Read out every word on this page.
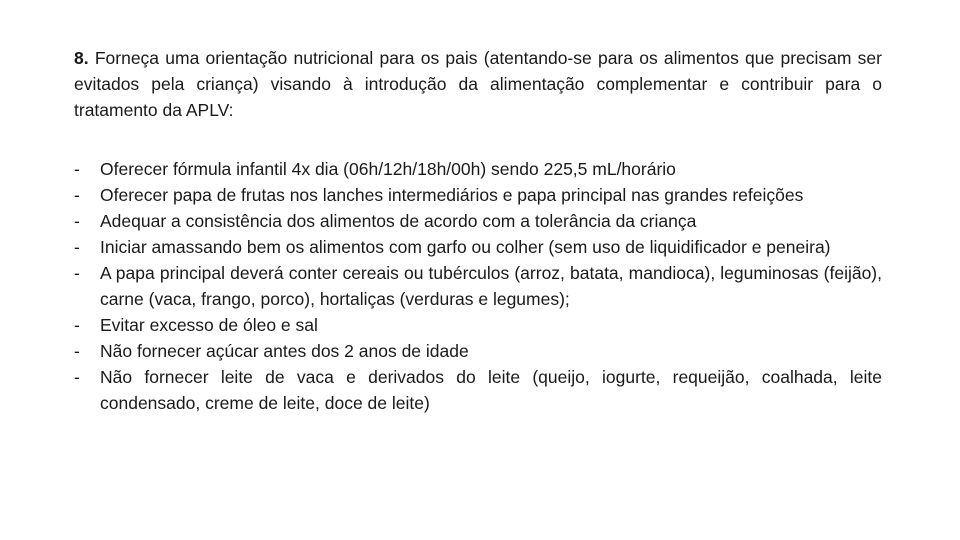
8. Forneça uma orientação nutricional para os pais (atentando-se para os alimentos que precisam ser evitados pela criança) visando à introdução da alimentação complementar e contribuir para o tratamento da APLV:

-	Oferecer fórmula infantil 4x dia (06h/12h/18h/00h) sendo 225,5 mL/horário
-	Oferecer papa de frutas nos lanches intermediários e papa principal nas grandes refeições
-	Adequar a consistência dos alimentos de acordo com a tolerância da criança
-	Iniciar amassando bem os alimentos com garfo ou colher (sem uso de liquidificador e peneira)
-	A papa principal deverá conter cereais ou tubérculos (arroz, batata, mandioca), leguminosas (feijão), carne (vaca, frango, porco), hortaliças (verduras e legumes);
-	Evitar excesso de óleo e sal
-	Não fornecer açúcar antes dos 2 anos de idade
-	Não fornecer leite de vaca e derivados do leite (queijo, iogurte, requeijão, coalhada, leite condensado, creme de leite, doce de leite)
